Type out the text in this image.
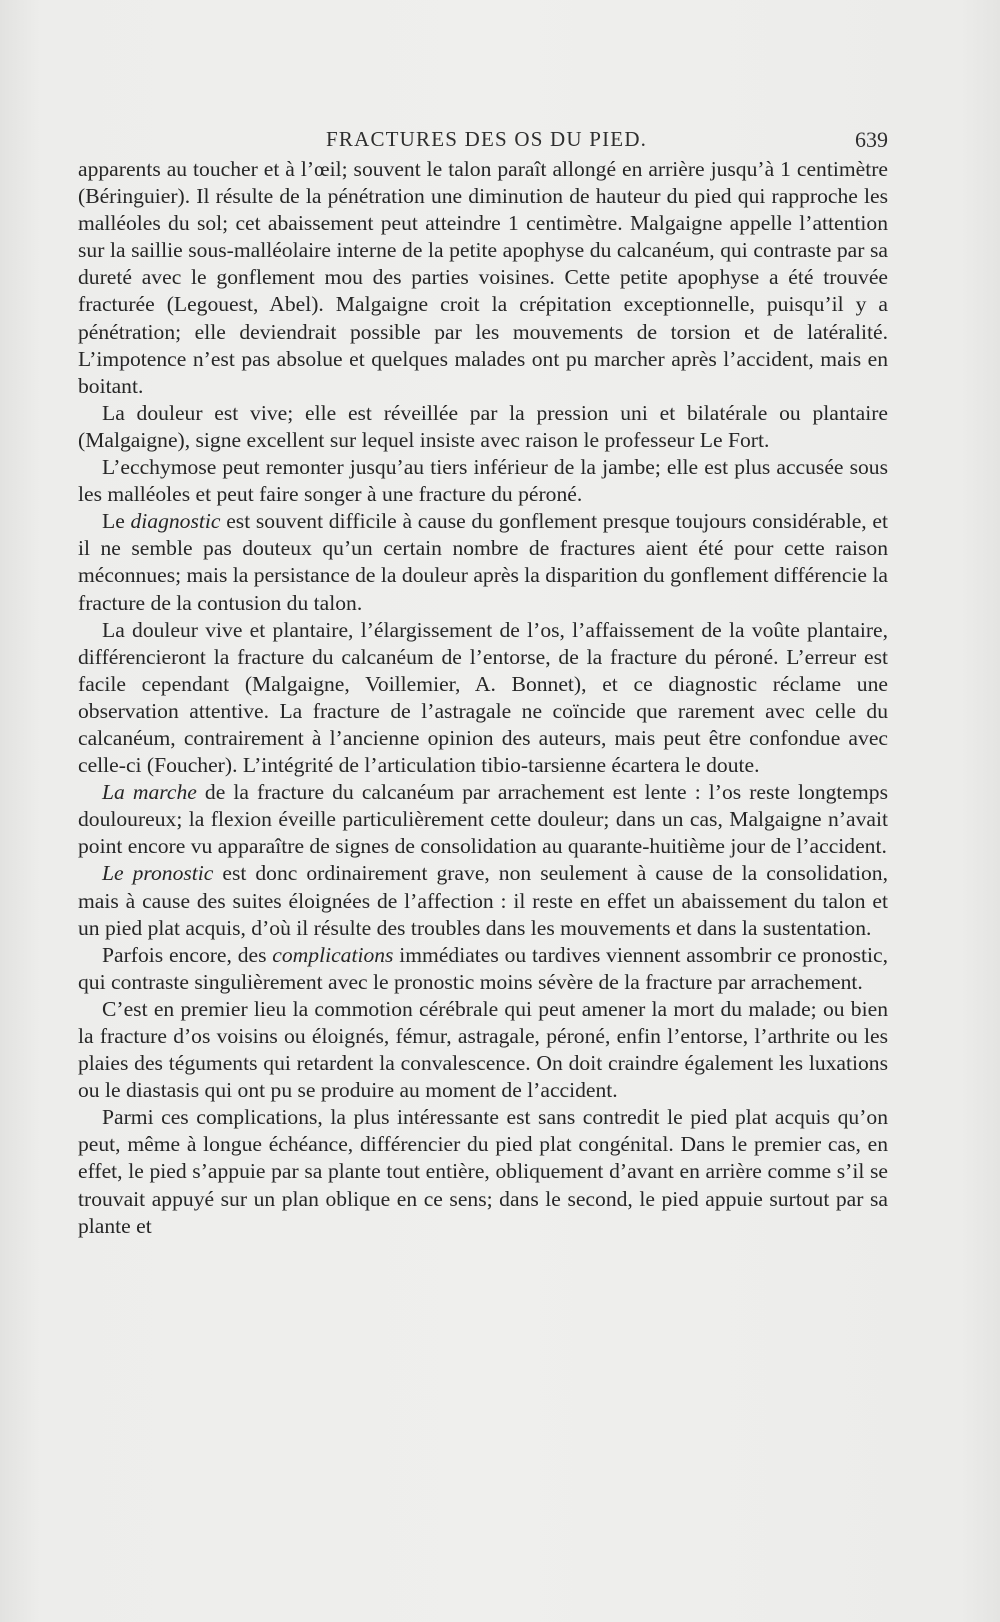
FRACTURES DES OS DU PIED.	639

apparents au toucher et à l’œil; souvent le talon paraît allongé en arrière jusqu’à 1 centimètre (Béringuier). Il résulte de la pénétration une diminution de hauteur du pied qui rapproche les malléoles du sol; cet abaissement peut atteindre 1 centimètre. Malgaigne appelle l’attention sur la saillie sous-malléolaire interne de la petite apophyse du calcanéum, qui contraste par sa dureté avec le gonflement mou des parties voisines. Cette petite apophyse a été trouvée fracturée (Legouest, Abel). Malgaigne croit la crépitation exceptionnelle, puisqu’il y a pénétration; elle deviendrait possible par les mouvements de torsion et de latéralité. L’impotence n’est pas absolue et quelques malades ont pu marcher après l’accident, mais en boitant.

La douleur est vive; elle est réveillée par la pression uni et bilatérale ou plantaire (Malgaigne), signe excellent sur lequel insiste avec raison le professeur Le Fort.

L’ecchymose peut remonter jusqu’au tiers inférieur de la jambe; elle est plus accusée sous les malléoles et peut faire songer à une fracture du péroné.

Le diagnostic est souvent difficile à cause du gonflement presque toujours considérable, et il ne semble pas douteux qu’un certain nombre de fractures aient été pour cette raison méconnues; mais la persistance de la douleur après la disparition du gonflement différencie la fracture de la contusion du talon.

La douleur vive et plantaire, l’élargissement de l’os, l’affaissement de la voûte plantaire, différencieront la fracture du calcanéum de l’entorse, de la fracture du péroné. L’erreur est facile cependant (Malgaigne, Voillemier, A. Bonnet), et ce diagnostic réclame une observation attentive. La fracture de l’astragale ne coïncide que rarement avec celle du calcanéum, contrairement à l’ancienne opinion des auteurs, mais peut être confondue avec celle-ci (Foucher). L’intégrité de l’articulation tibio-tarsienne écartera le doute.

La marche de la fracture du calcanéum par arrachement est lente : l’os reste longtemps douloureux; la flexion éveille particulièrement cette douleur; dans un cas, Malgaigne n’avait point encore vu apparaître de signes de consolidation au quarante-huitième jour de l’accident.

Le pronostic est donc ordinairement grave, non seulement à cause de la consolidation, mais à cause des suites éloignées de l’affection : il reste en effet un abaissement du talon et un pied plat acquis, d’où il résulte des troubles dans les mouvements et dans la sustentation.

Parfois encore, des complications immédiates ou tardives viennent assombrir ce pronostic, qui contraste singulièrement avec le pronostic moins sévère de la fracture par arrachement.

C’est en premier lieu la commotion cérébrale qui peut amener la mort du malade; ou bien la fracture d’os voisins ou éloignés, fémur, astragale, péroné, enfin l’entorse, l’arthrite ou les plaies des téguments qui retardent la convalescence. On doit craindre également les luxations ou le diastasis qui ont pu se produire au moment de l’accident.

Parmi ces complications, la plus intéressante est sans contredit le pied plat acquis qu’on peut, même à longue échéance, différencier du pied plat congénital. Dans le premier cas, en effet, le pied s’appuie par sa plante tout entière, obliquement d’avant en arrière comme s’il se trouvait appuyé sur un plan oblique en ce sens; dans le second, le pied appuie surtout par sa plante et
